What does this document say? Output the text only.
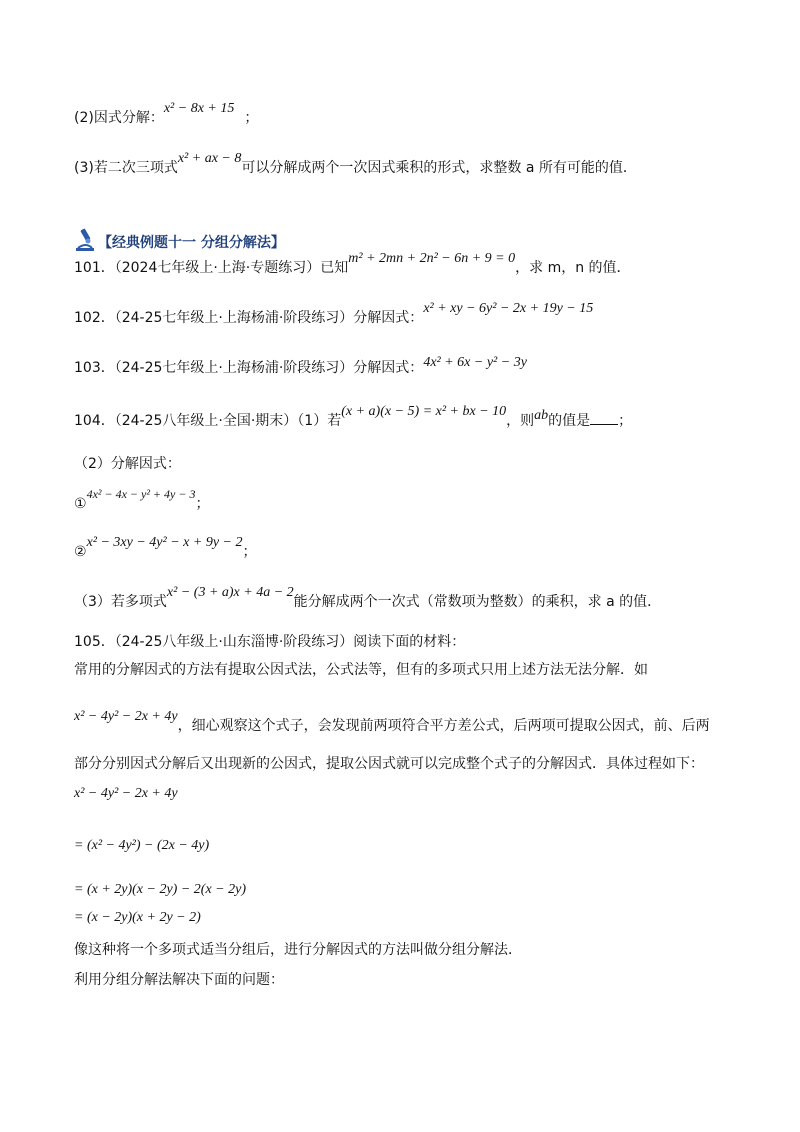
(2)因式分解：x² − 8x + 15；
(3)若二次三项式x² + ax − 8可以分解成两个一次因式乘积的形式，求整数 a 所有可能的值．
【经典例题十一 分组分解法】
101．（2024七年级上·上海·专题练习）已知m² + 2mn + 2n² − 6n + 9 = 0，求 m，n 的值．
102．（24-25七年级上·上海杨浦·阶段练习）分解因式：x² + xy − 6y² − 2x + 19y − 15
103．（24-25七年级上·上海杨浦·阶段练习）分解因式：4x² + 6x − y² − 3y
104．（24-25八年级上·全国·期末）（1）若(x + a)(x − 5) = x² + bx − 10，则ab的值是 ；
（2）分解因式：
①4x² − 4x − y² + 4y − 3；
②x² − 3xy − 4y² − x + 9y − 2；
（3）若多项式x² − (3 + a)x + 4a − 2能分解成两个一次式（常数项为整数）的乘积，求 a 的值．
105．（24-25八年级上·山东淄博·阶段练习）阅读下面的材料：
常用的分解因式的方法有提取公因式法，公式法等，但有的多项式只用上述方法无法分解．如
x² − 4y² − 2x + 4y，细心观察这个式子，会发现前两项符合平方差公式，后两项可提取公因式，前、后两
部分分别因式分解后又出现新的公因式，提取公因式就可以完成整个式子的分解因式．具体过程如下：
x² − 4y² − 2x + 4y
= (x² − 4y²) − (2x − 4y)
= (x + 2y)(x − 2y) − 2(x − 2y)
= (x − 2y)(x + 2y − 2)
像这种将一个多项式适当分组后，进行分解因式的方法叫做分组分解法．
利用分组分解法解决下面的问题：
